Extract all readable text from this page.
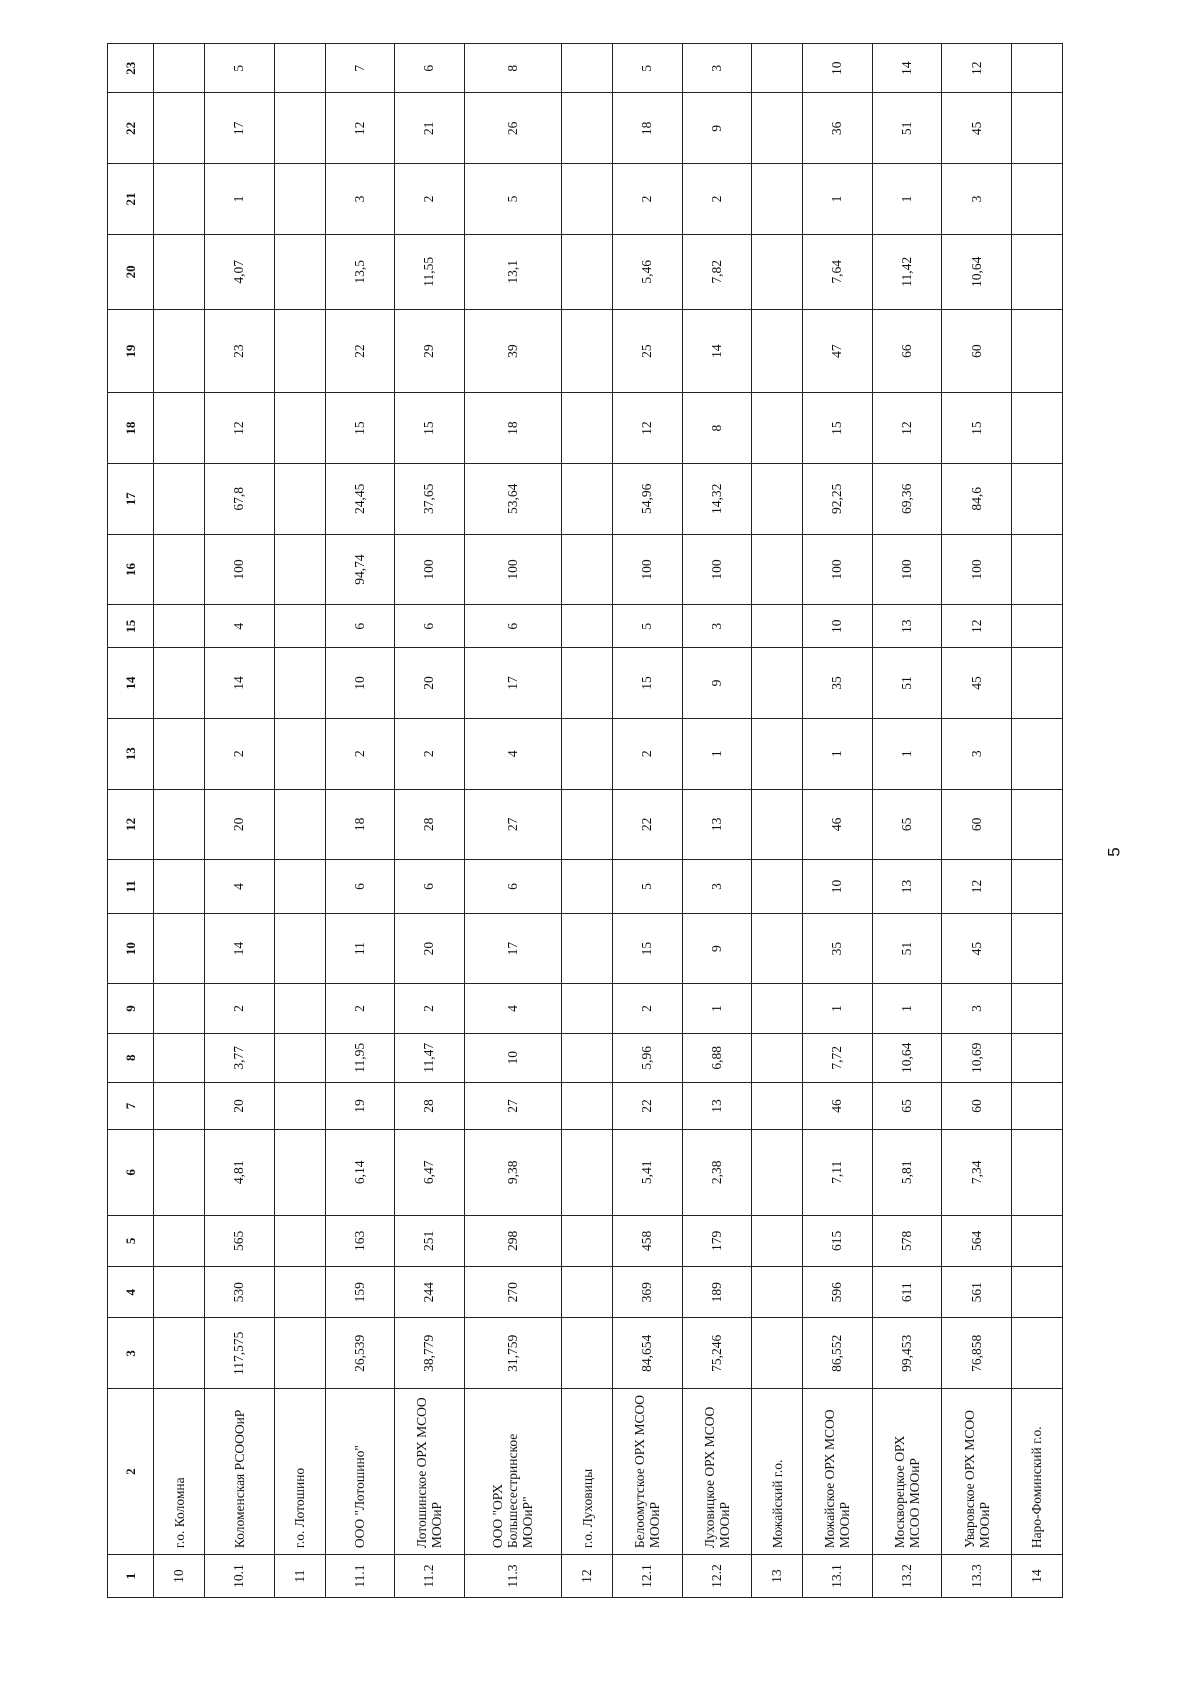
1	2	3	4	5	6	7	8	9	10	11	12	13	14	15	16	17	18	19	20	21	22	23
10	г.о. Коломна																					
10.1	Коломенская РСОООиР	117,575	530	565	4,81	20	3,77	2	14	4	20	2	14	4	100	67,8	12	23	4,07	1	17	5
11	г.о. Лотошино																					
11.1	ООО "Лотошино"	26,539	159	163	6,14	19	11,95	2	11	6	18	2	10	6	94,74	24,45	15	22	13,5	3	12	7
11.2	Лотошинское ОРХ МСОО МООиР	38,779	244	251	6,47	28	11,47	2	20	6	28	2	20	6	100	37,65	15	29	11,55	2	21	6
11.3	ООО "ОРХ Большесестринское МООиР"	31,759	270	298	9,38	27	10	4	17	6	27	4	17	6	100	53,64	18	39	13,1	5	26	8
12	г.о. Луховицы																					
12.1	Белоомутское ОРХ МСОО МООиР	84,654	369	458	5,41	22	5,96	2	15	5	22	2	15	5	100	54,96	12	25	5,46	2	18	5
12.2	Луховицкое ОРХ МСОО МООиР	75,246	189	179	2,38	13	6,88	1	9	3	13	1	9	3	100	14,32	8	14	7,82	2	9	3
13	Можайский г.о.																					
13.1	Можайское ОРХ МСОО МООиР	86,552	596	615	7,11	46	7,72	1	35	10	46	1	35	10	100	92,25	15	47	7,64	1	36	10
13.2	Москворецкое ОРХ МСОО МООиР	99,453	611	578	5,81	65	10,64	1	51	13	65	1	51	13	100	69,36	12	66	11,42	1	51	14
13.3	Уваровское ОРХ МСОО МООиР	76,858	561	564	7,34	60	10,69	3	45	12	60	3	45	12	100	84,6	15	60	10,64	3	45	12
14	Наро-Фоминский г.о.																					
5
